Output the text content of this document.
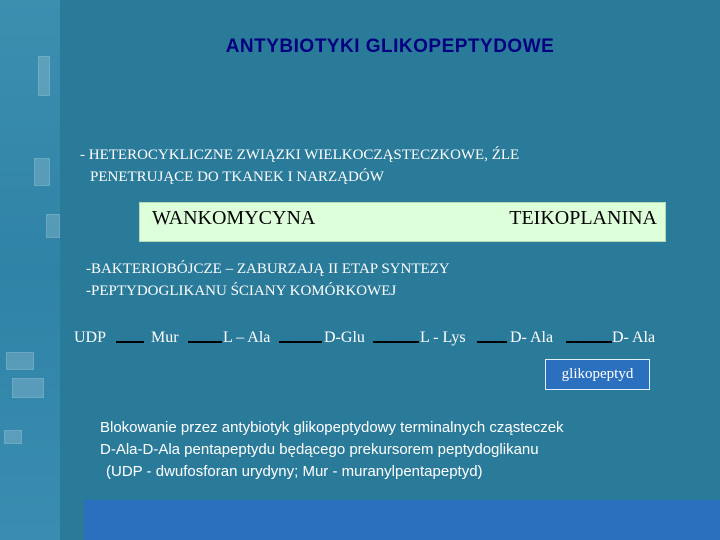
ANTYBIOTYKI GLIKOPEPTYDOWE
- HETEROCYKLICZNE ZWIĄZKI WIELKOCZĄSTECZKOWE, ŹLE
PENETRUJĄCE DO TKANEK I NARZĄDÓW
WANKOMYCYNA	TEIKOPLANINA
-BAKTERIOBÓJCZE – ZABURZAJĄ II ETAP SYNTEZY
-PEPTYDOGLIKANU ŚCIANY KOMÓRKOWEJ
UDP	Mur	L – Ala	D-Glu	L - Lys	D- Ala	D- Ala
glikopeptyd
Blokowanie przez antybiotyk glikopeptydowy terminalnych cząsteczek
D-Ala-D-Ala pentapeptydu będącego prekursorem peptydoglikanu
(UDP - dwufosforan urydyny; Mur - muranylpentapeptyd)
